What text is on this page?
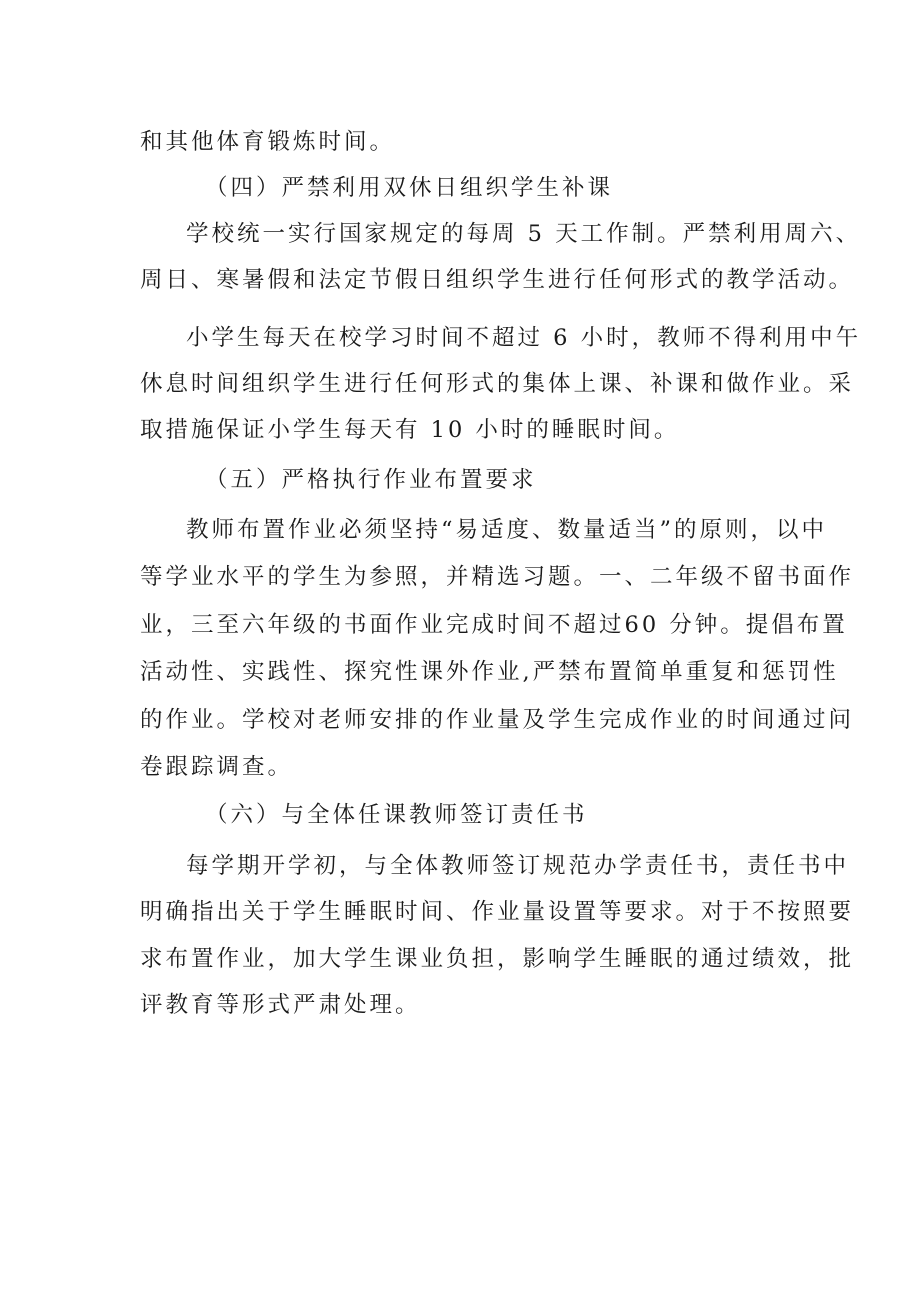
和其他体育锻炼时间。
（四）严禁利用双休日组织学生补课
学校统一实行国家规定的每周 5 天工作制。严禁利用周六、
周日、寒暑假和法定节假日组织学生进行任何形式的教学活动。
小学生每天在校学习时间不超过 6 小时，教师不得利用中午
休息时间组织学生进行任何形式的集体上课、补课和做作业。采
取措施保证小学生每天有 10 小时的睡眠时间。
（五）严格执行作业布置要求
教师布置作业必须坚持“易适度、数量适当”的原则，以中
等学业水平的学生为参照，并精选习题。一、二年级不留书面作
业，三至六年级的书面作业完成时间不超过60 分钟。提倡布置
活动性、实践性、探究性课外作业,严禁布置简单重复和惩罚性
的作业。学校对老师安排的作业量及学生完成作业的时间通过问
卷跟踪调查。
（六）与全体任课教师签订责任书
每学期开学初，与全体教师签订规范办学责任书，责任书中
明确指出关于学生睡眠时间、作业量设置等要求。对于不按照要
求布置作业，加大学生课业负担，影响学生睡眠的通过绩效，批
评教育等形式严肃处理。
